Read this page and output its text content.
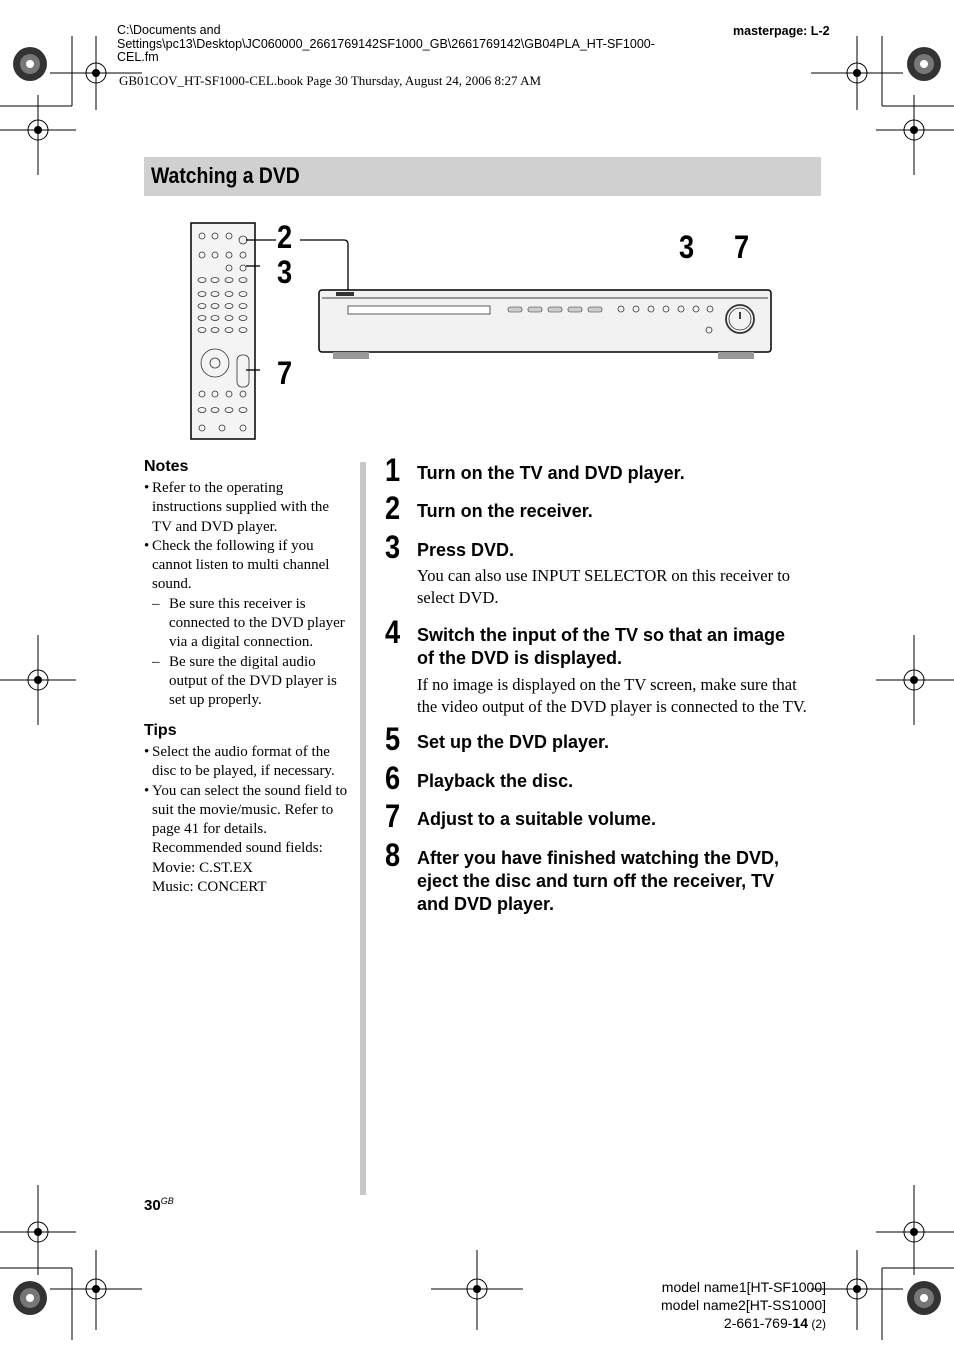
C:\Documents and
Settings\pc13\Desktop\JC060000_2661769142SF1000_GB\2661769142\GB04PLA_HT-SF1000-
CEL.fm
masterpage: L-2
GB01COV_HT-SF1000-CEL.book Page 30 Thursday, August 24, 2006 8:27 AM
Watching a DVD
2
3
7
3 7
Notes
• Refer to the operating
instructions supplied with the
TV and DVD player.
• Check the following if you
cannot listen to multi channel
sound.
– Be sure this receiver is
connected to the DVD player
via a digital connection.
– Be sure the digital audio
output of the DVD player is
set up properly.
Tips
• Select the audio format of the
disc to be played, if necessary.
• You can select the sound field to
suit the movie/music. Refer to
page 41 for details.
Recommended sound fields:
Movie: C.ST.EX
Music: CONCERT
1 Turn on the TV and DVD player.
2 Turn on the receiver.
3 Press DVD.
You can also use INPUT SELECTOR on this receiver to
select DVD.
4 Switch the input of the TV so that an image
of the DVD is displayed.
If no image is displayed on the TV screen, make sure that
the video output of the DVD player is connected to the TV.
5 Set up the DVD player.
6 Playback the disc.
7 Adjust to a suitable volume.
8 After you have finished watching the DVD,
eject the disc and turn off the receiver, TV
and DVD player.
$30^{GB}$
model name1[HT-SF1000]
model name2[HT-SS1000]
2-661-769-14 (2)
